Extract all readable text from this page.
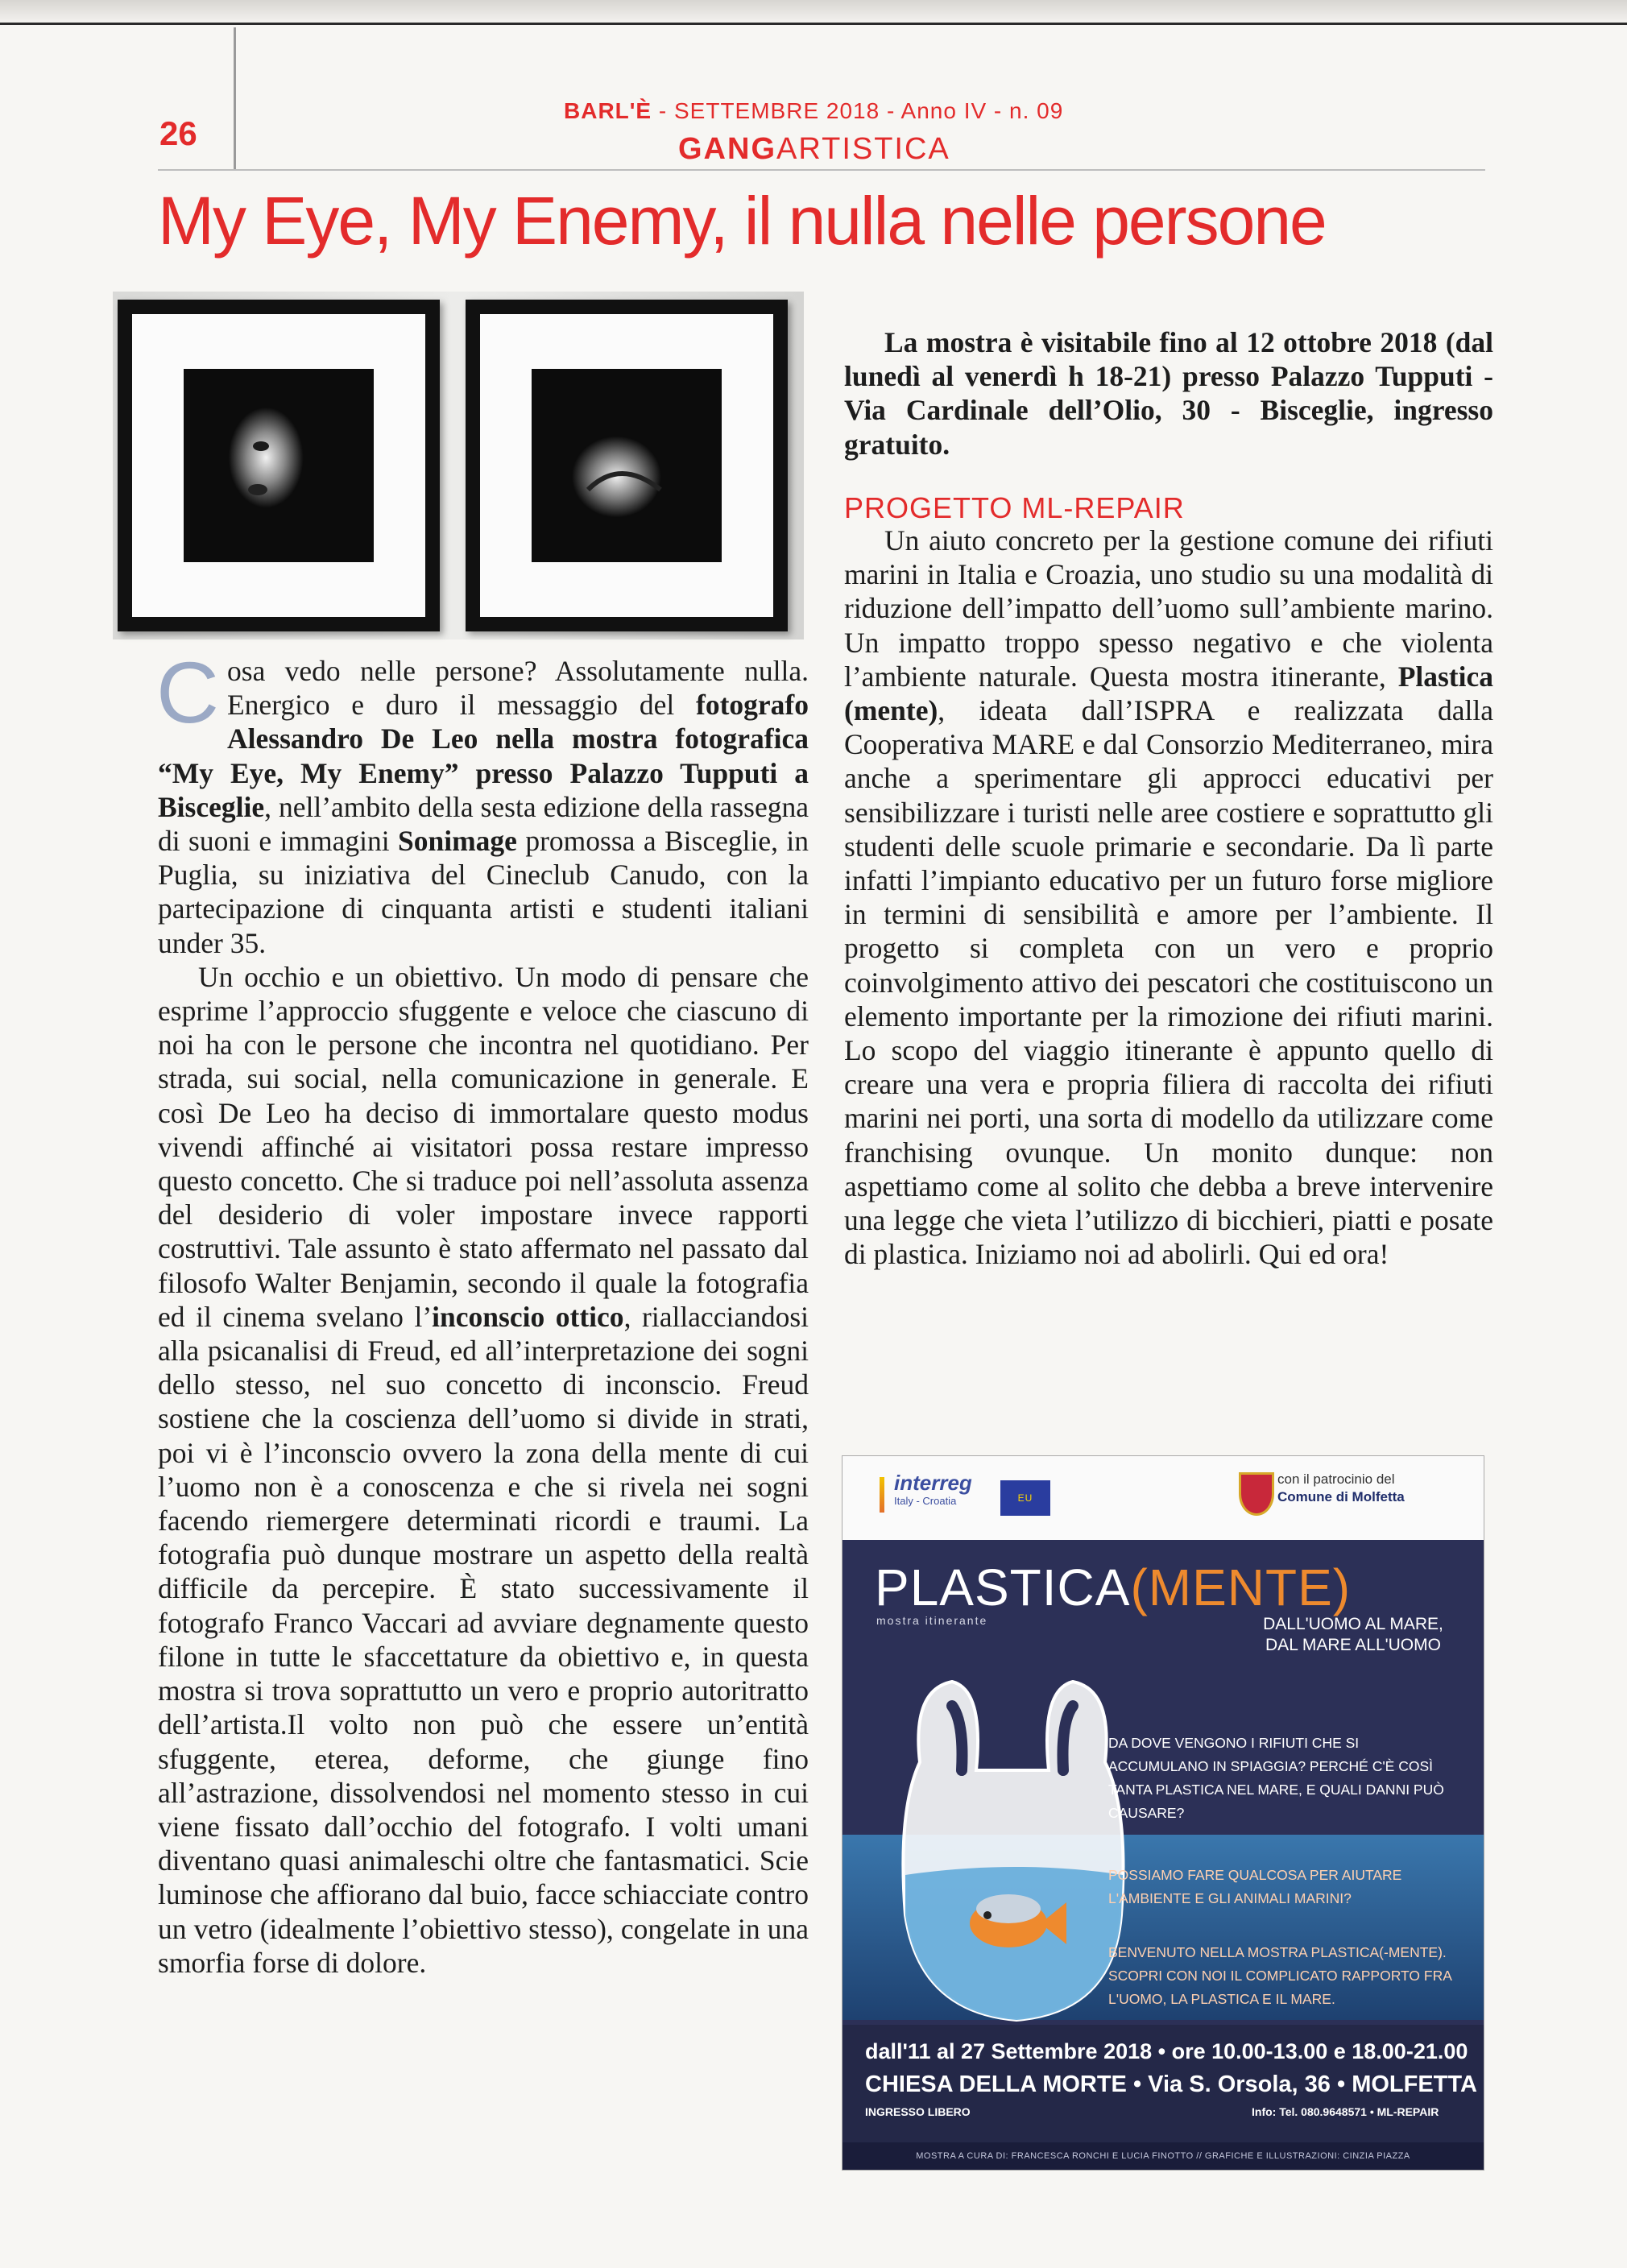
26
BARL'È - SETTEMBRE 2018 - Anno IV - n. 09
GANGARTISTICA
My Eye, My Enemy, il nulla nelle persone

Cosa vedo nelle persone? Assolutamente nulla. Energico e duro il messaggio del fotografo Alessandro De Leo nella mostra fotografica “My Eye, My Enemy” presso Palazzo Tupputi a Bisceglie, nell’ambito della sesta edizione della rassegna di suoni e immagini Sonimage promossa a Bisceglie, in Puglia, su iniziativa del Cineclub Canudo, con la partecipazione di cinquanta artisti e studenti italiani under 35.

Un occhio e un obiettivo. Un modo di pensare che esprime l’approccio sfuggente e veloce che ciascuno di noi ha con le persone che incontra nel quotidiano. Per strada, sui social, nella comunicazione in generale. E così De Leo ha deciso di immortalare questo modus vivendi affinché ai visitatori possa restare impresso questo concetto. Che si traduce poi nell’assoluta assenza del desiderio di voler impostare invece rapporti costruttivi. Tale assunto è stato affermato nel passato dal filosofo Walter Benjamin, secondo il quale la fotografia ed il cinema svelano l’inconscio ottico, riallacciandosi alla psicanalisi di Freud, ed all’interpretazione dei sogni dello stesso, nel suo concetto di inconscio. Freud sostiene che la coscienza dell’uomo si divide in strati, poi vi è l’inconscio ovvero la zona della mente di cui l’uomo non è a conoscenza e che si rivela nei sogni facendo riemergere determinati ricordi e traumi. La fotografia può dunque mostrare un aspetto della realtà difficile da percepire. È stato successivamente il fotografo Franco Vaccari ad avviare degnamente questo filone in tutte le sfaccettature da obiettivo e, in questa mostra si trova soprattutto un vero e proprio autoritratto dell’artista.Il volto non può che essere un’entità sfuggente, eterea, deforme, che giunge fino all’astrazione, dissolvendosi nel momento stesso in cui viene fissato dall’occhio del fotografo. I volti umani diventano quasi animaleschi oltre che fantasmatici. Scie luminose che affiorano dal buio, facce schiacciate contro un vetro (idealmente l’obiettivo stesso), congelate in una smorfia forse di dolore.

La mostra è visitabile fino al 12 ottobre 2018 (dal lunedì al venerdì h 18-21) presso Palazzo Tupputi - Via Cardinale dell’Olio, 30 - Bisceglie, ingresso gratuito.

PROGETTO ML-REPAIR

Un aiuto concreto per la gestione comune dei rifiuti marini in Italia e Croazia, uno studio su una modalità di riduzione dell’impatto dell’uomo sull’ambiente marino. Un impatto troppo spesso negativo e che violenta l’ambiente naturale. Questa mostra itinerante, Plastica (mente), ideata dall’ISPRA e realizzata dalla Cooperativa MARE e dal Consorzio Mediterraneo, mira anche a sperimentare gli approcci educativi per sensibilizzare i turisti nelle aree costiere e soprattutto gli studenti delle scuole primarie e secondarie. Da lì parte infatti l’impianto educativo per un futuro forse migliore in termini di sensibilità e amore per l’ambiente. Il progetto si completa con un vero e proprio coinvolgimento attivo dei pescatori che costituiscono un elemento importante per la rimozione dei rifiuti marini. Lo scopo del viaggio itinerante è appunto quello di creare una vera e propria filiera di raccolta dei rifiuti marini nei porti, una sorta di modello da utilizzare come franchising ovunque. Un monito dunque: non aspettiamo come al solito che debba a breve intervenire una legge che vieta l’utilizzo di bicchieri, piatti e posate di plastica. Iniziamo noi ad abolirli. Qui ed ora!

interreg
Italy - Croatia	EU
con il patrocinio del
Comune di Molfetta
PLASTICA(MENTE)
mostra itinerante	DALL'UOMO AL MARE, DAL MARE ALL'UOMO
DA DOVE VENGONO I RIFIUTI CHE SI ACCUMULANO IN SPIAGGIA? PERCHÉ C'È COSÌ TANTA PLASTICA NEL MARE, E QUALI DANNI PUÒ CAUSARE?
POSSIAMO FARE QUALCOSA PER AIUTARE L'AMBIENTE E GLI ANIMALI MARINI?
BENVENUTO NELLA MOSTRA PLASTICA(-MENTE). SCOPRI CON NOI IL COMPLICATO RAPPORTO FRA L'UOMO, LA PLASTICA E IL MARE.
dall'11 al 27 Settembre 2018 • ore 10.00-13.00 e 18.00-21.00
CHIESA DELLA MORTE • Via S. Orsola, 36 • MOLFETTA
INGRESSO LIBERO	Info: Tel. 080.9648571 • ML-REPAIR
MOSTRA A CURA DI: FRANCESCA RONCHI E LUCIA FINOTTO // GRAFICHE E ILLUSTRAZIONI: CINZIA PIAZZA
